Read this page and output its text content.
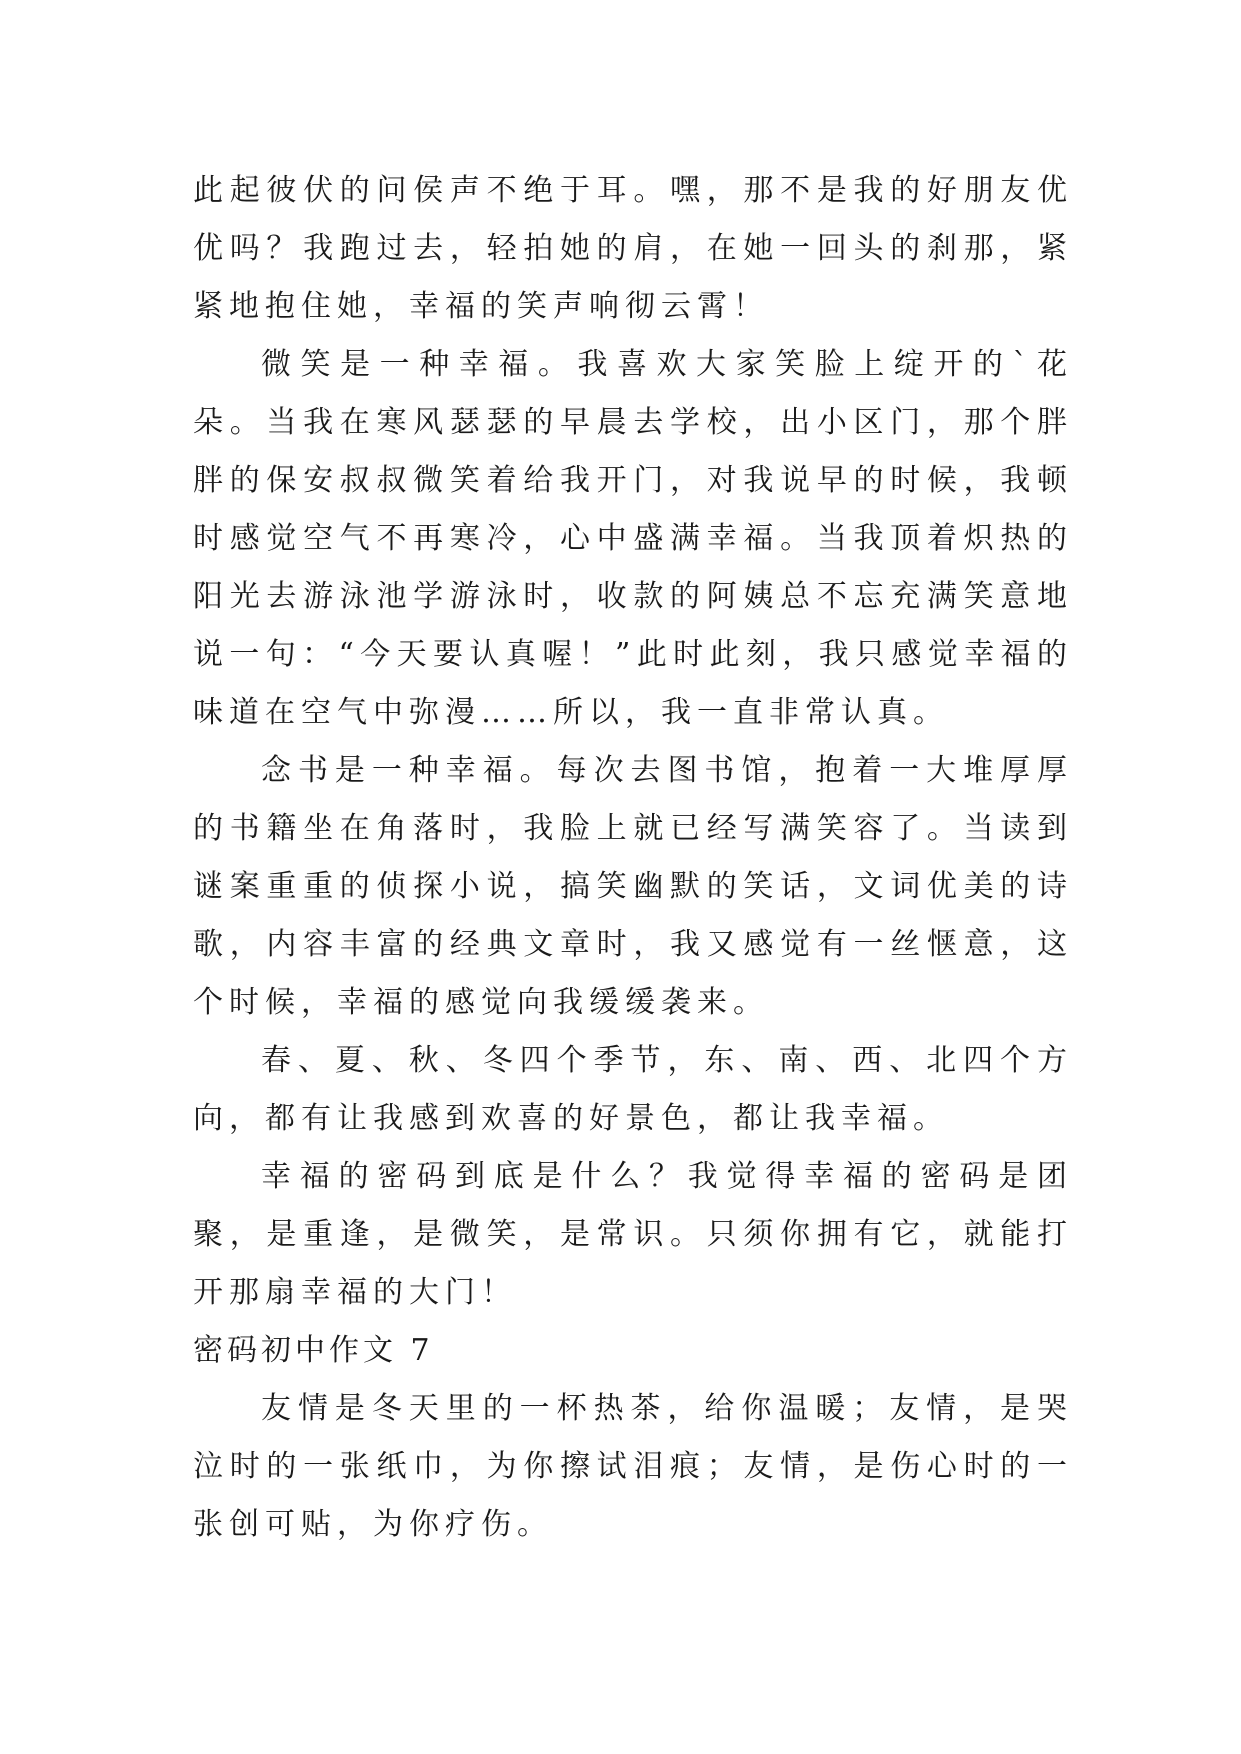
此起彼伏的问侯声不绝于耳。嘿，那不是我的好朋友优优吗？我跑过去，轻拍她的肩，在她一回头的刹那，紧紧地抱住她，幸福的笑声响彻云霄！

微笑是一种幸福。我喜欢大家笑脸上绽开的`花朵。当我在寒风瑟瑟的早晨去学校，出小区门，那个胖胖的保安叔叔微笑着给我开门，对我说早的时候，我顿时感觉空气不再寒冷，心中盛满幸福。当我顶着炽热的阳光去游泳池学游泳时，收款的阿姨总不忘充满笑意地说一句：“今天要认真喔！”此时此刻，我只感觉幸福的味道在空气中弥漫……所以，我一直非常认真。

念书是一种幸福。每次去图书馆，抱着一大堆厚厚的书籍坐在角落时，我脸上就已经写满笑容了。当读到谜案重重的侦探小说，搞笑幽默的笑话，文词优美的诗歌，内容丰富的经典文章时，我又感觉有一丝惬意，这个时候，幸福的感觉向我缓缓袭来。

春、夏、秋、冬四个季节，东、南、西、北四个方向，都有让我感到欢喜的好景色，都让我幸福。

幸福的密码到底是什么？我觉得幸福的密码是团聚，是重逢，是微笑，是常识。只须你拥有它，就能打开那扇幸福的大门！

密码初中作文 7

友情是冬天里的一杯热茶，给你温暖；友情，是哭泣时的一张纸巾，为你擦试泪痕；友情，是伤心时的一张创可贴，为你疗伤。
